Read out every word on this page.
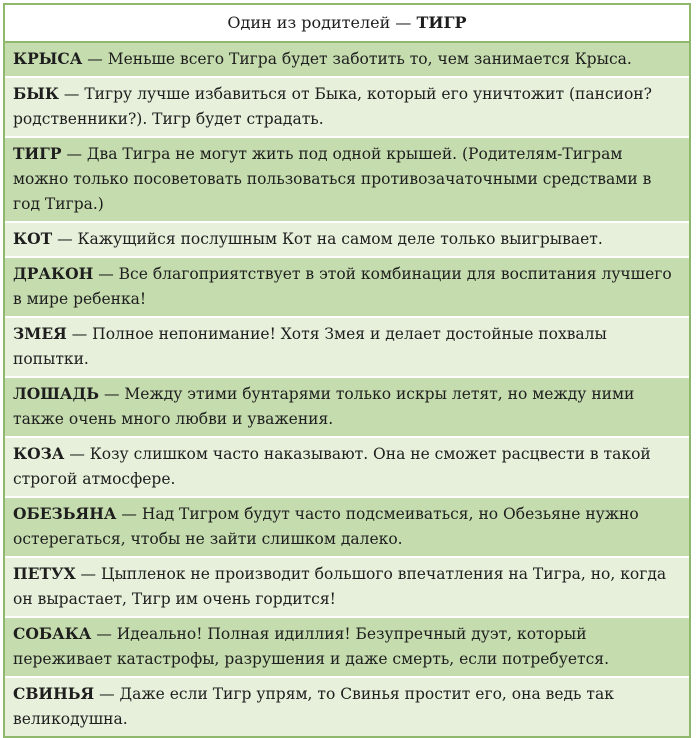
Один из родителей — ТИГР
КРЫСА — Меньше всего Тигра будет заботить то, чем занимается Крыса.
БЫК — Тигру лучше избавиться от Быка, который его уничтожит (пансион? родственники?). Тигр будет страдать.
ТИГР — Два Тигра не могут жить под одной крышей. (Родителям-Тиграм можно только посоветовать пользоваться противозачаточными средствами в год Тигра.)
КОТ — Кажущийся послушным Кот на самом деле только выигрывает.
ДРАКОН — Все благоприятствует в этой комбинации для воспитания лучшего в мире ребенка!
ЗМЕЯ — Полное непонимание! Хотя Змея и делает достойные похвалы попытки.
ЛОШАДЬ — Между этими бунтарями только искры летят, но между ними также очень много любви и уважения.
КОЗА — Козу слишком часто наказывают. Она не сможет расцвести в такой строгой атмосфере.
ОБЕЗЬЯНА — Над Тигром будут часто подсмеиваться, но Обезьяне нужно остерегаться, чтобы не зайти слишком далеко.
ПЕТУХ — Цыпленок не производит большого впечатления на Тигра, но, когда он вырастает, Тигр им очень гордится!
СОБАКА — Идеально! Полная идиллия! Безупречный дуэт, который переживает катастрофы, разрушения и даже смерть, если потребуется.
СВИНЬЯ — Даже если Тигр упрям, то Свинья простит его, она ведь так великодушна.
